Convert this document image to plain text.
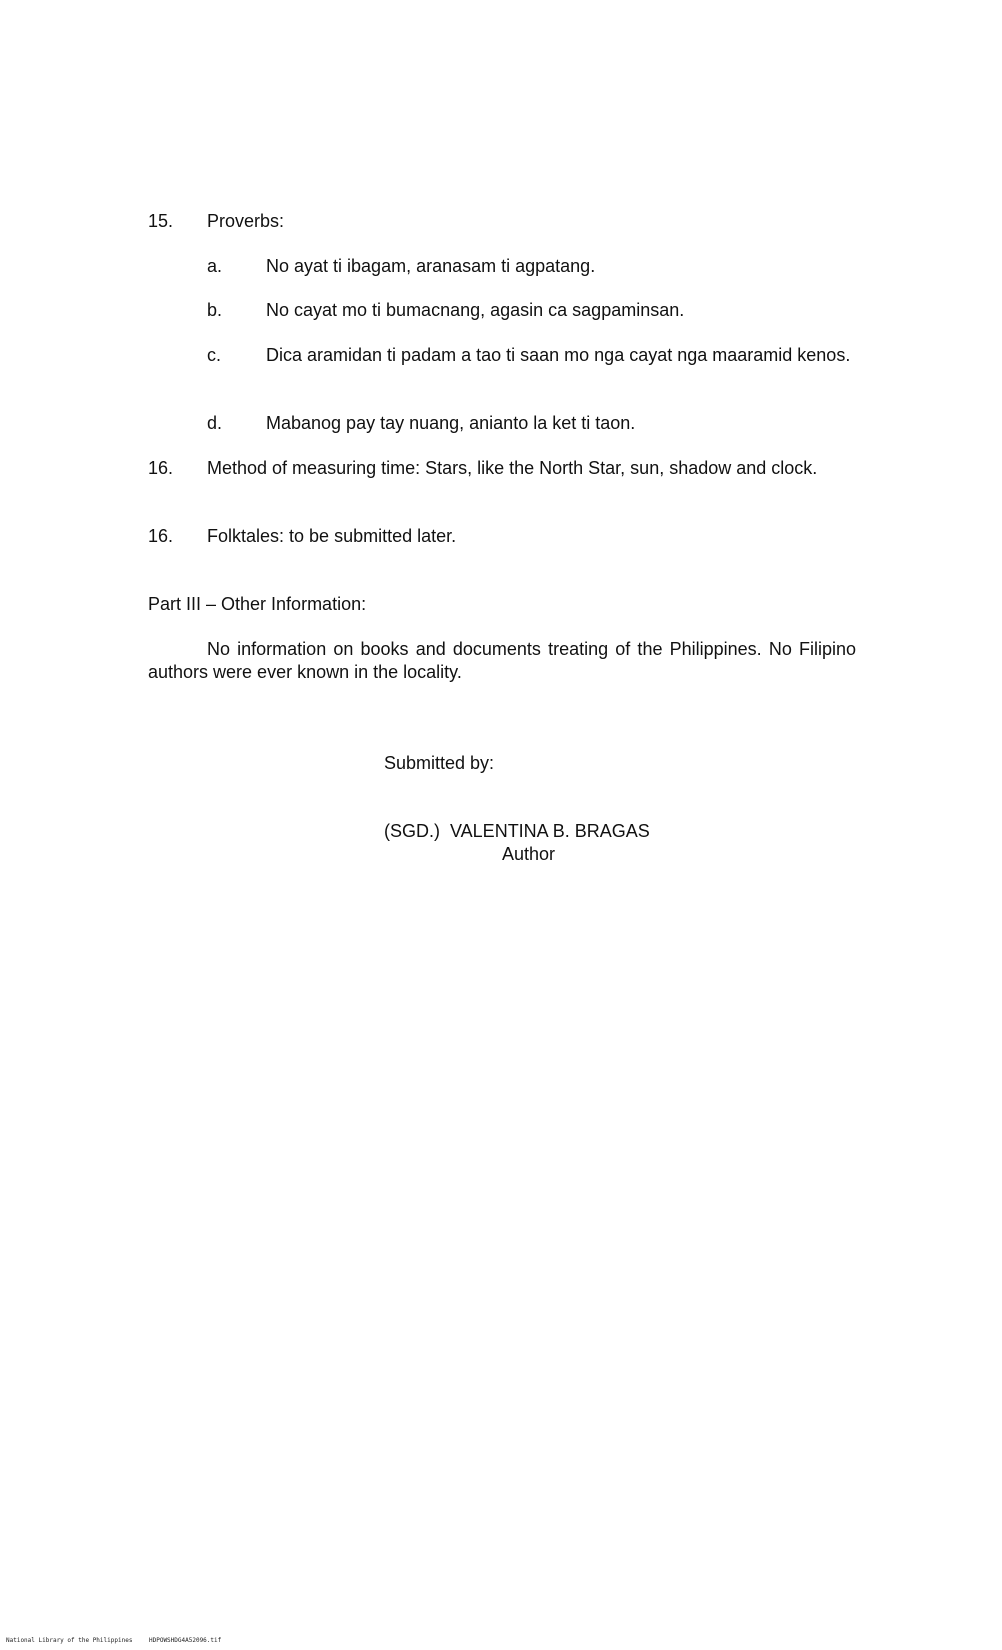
15.	Proverbs:
a.	No ayat ti ibagam, aranasam ti agpatang.
b.	No cayat mo ti bumacnang, agasin ca sagpaminsan.
c.	Dica aramidan ti padam a tao ti saan mo nga cayat nga maaramid kenos.
d.	Mabanog pay tay nuang, anianto la ket ti taon.
16.	Method of measuring time: Stars, like the North Star, sun, shadow and clock.
16.	Folktales: to be submitted later.
Part III – Other Information:
No information on books and documents treating of the Philippines. No Filipino authors were ever known in the locality.
Submitted by:
(SGD.)  VALENTINA B. BRAGAS
Author
National Library of the Philippines	HDPOWSHDG4A52096.tif
